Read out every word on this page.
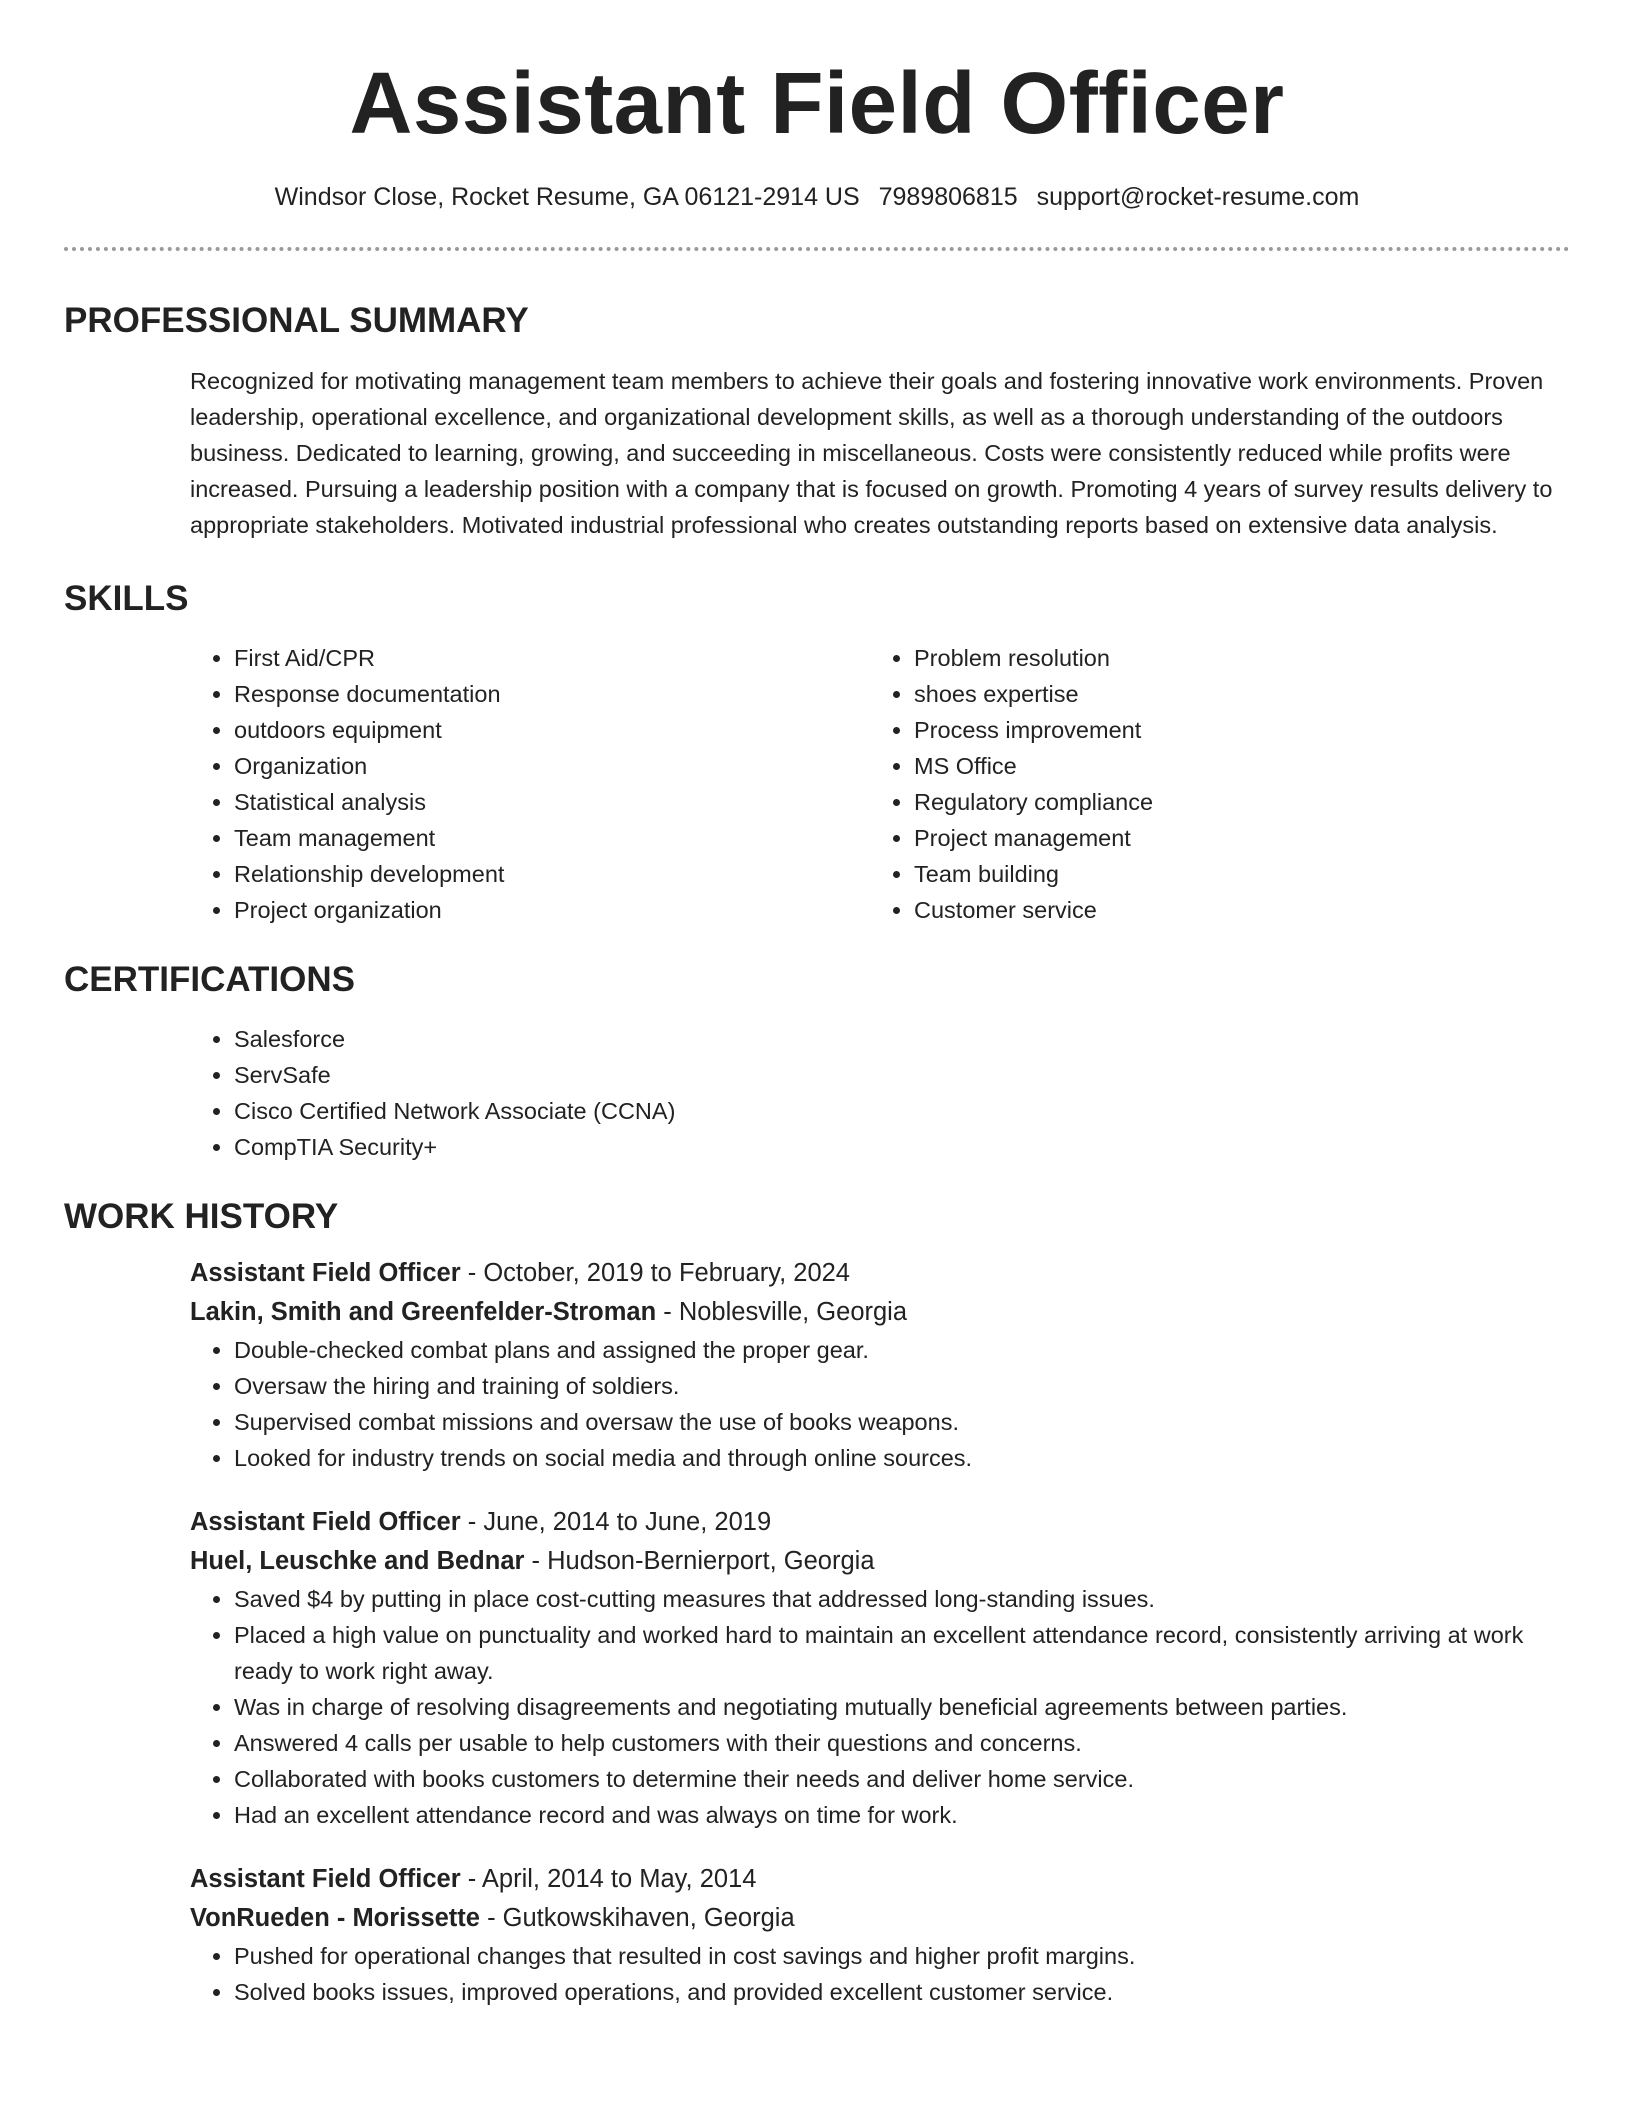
Assistant Field Officer
Windsor Close, Rocket Resume, GA 06121-2914 US 7989806815 support@rocket-resume.com
PROFESSIONAL SUMMARY
Recognized for motivating management team members to achieve their goals and fostering innovative work environments. Proven leadership, operational excellence, and organizational development skills, as well as a thorough understanding of the outdoors business. Dedicated to learning, growing, and succeeding in miscellaneous. Costs were consistently reduced while profits were increased. Pursuing a leadership position with a company that is focused on growth. Promoting 4 years of survey results delivery to appropriate stakeholders. Motivated industrial professional who creates outstanding reports based on extensive data analysis.
SKILLS
• First Aid/CPR
• Response documentation
• outdoors equipment
• Organization
• Statistical analysis
• Team management
• Relationship development
• Project organization
• Problem resolution
• shoes expertise
• Process improvement
• MS Office
• Regulatory compliance
• Project management
• Team building
• Customer service
CERTIFICATIONS
• Salesforce
• ServSafe
• Cisco Certified Network Associate (CCNA)
• CompTIA Security+
WORK HISTORY
Assistant Field Officer - October, 2019 to February, 2024
Lakin, Smith and Greenfelder-Stroman - Noblesville, Georgia
• Double-checked combat plans and assigned the proper gear.
• Oversaw the hiring and training of soldiers.
• Supervised combat missions and oversaw the use of books weapons.
• Looked for industry trends on social media and through online sources.
Assistant Field Officer - June, 2014 to June, 2019
Huel, Leuschke and Bednar - Hudson-Bernierport, Georgia
• Saved $4 by putting in place cost-cutting measures that addressed long-standing issues.
• Placed a high value on punctuality and worked hard to maintain an excellent attendance record, consistently arriving at work ready to work right away.
• Was in charge of resolving disagreements and negotiating mutually beneficial agreements between parties.
• Answered 4 calls per usable to help customers with their questions and concerns.
• Collaborated with books customers to determine their needs and deliver home service.
• Had an excellent attendance record and was always on time for work.
Assistant Field Officer - April, 2014 to May, 2014
VonRueden - Morissette - Gutkowskihaven, Georgia
• Pushed for operational changes that resulted in cost savings and higher profit margins.
• Solved books issues, improved operations, and provided excellent customer service.
